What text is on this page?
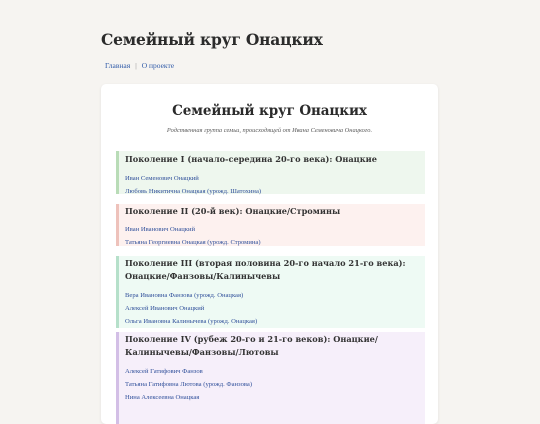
Семейный круг Онацких
Главная | О проекте
Семейный круг Онацких
Родственная группа семьи, происходящей от Ивана Семеновича Онацкого.
Поколение I (начало-середина 20-го века): Онацкие
Иван Семенович Онацкий
Любовь Никитична Онацкая (урожд. Шатохина)
Поколение II (20-й век): Онацкие/Стромины
Иван Иванович Онацкий
Татьяна Георгиевна Онацкая (урожд. Стромина)
Поколение III (вторая половина 20-го начало 21-го века): Онацкие/Фанзовы/Калинычевы
Вера Ивановна Фанзова (урожд. Онацкая)
Алексей Иванович Онацкий
Ольга Ивановна Калинычева (урожд. Онацкая)
Поколение IV (рубеж 20-го и 21-го веков): Онацкие/Калинычевы/Фанзовы/Лютовы
Алексей Гатифович Фанзов
Татьяна Гатифовна Лютова (урожд. Фанзова)
Нина Алексеевна Онацкая
